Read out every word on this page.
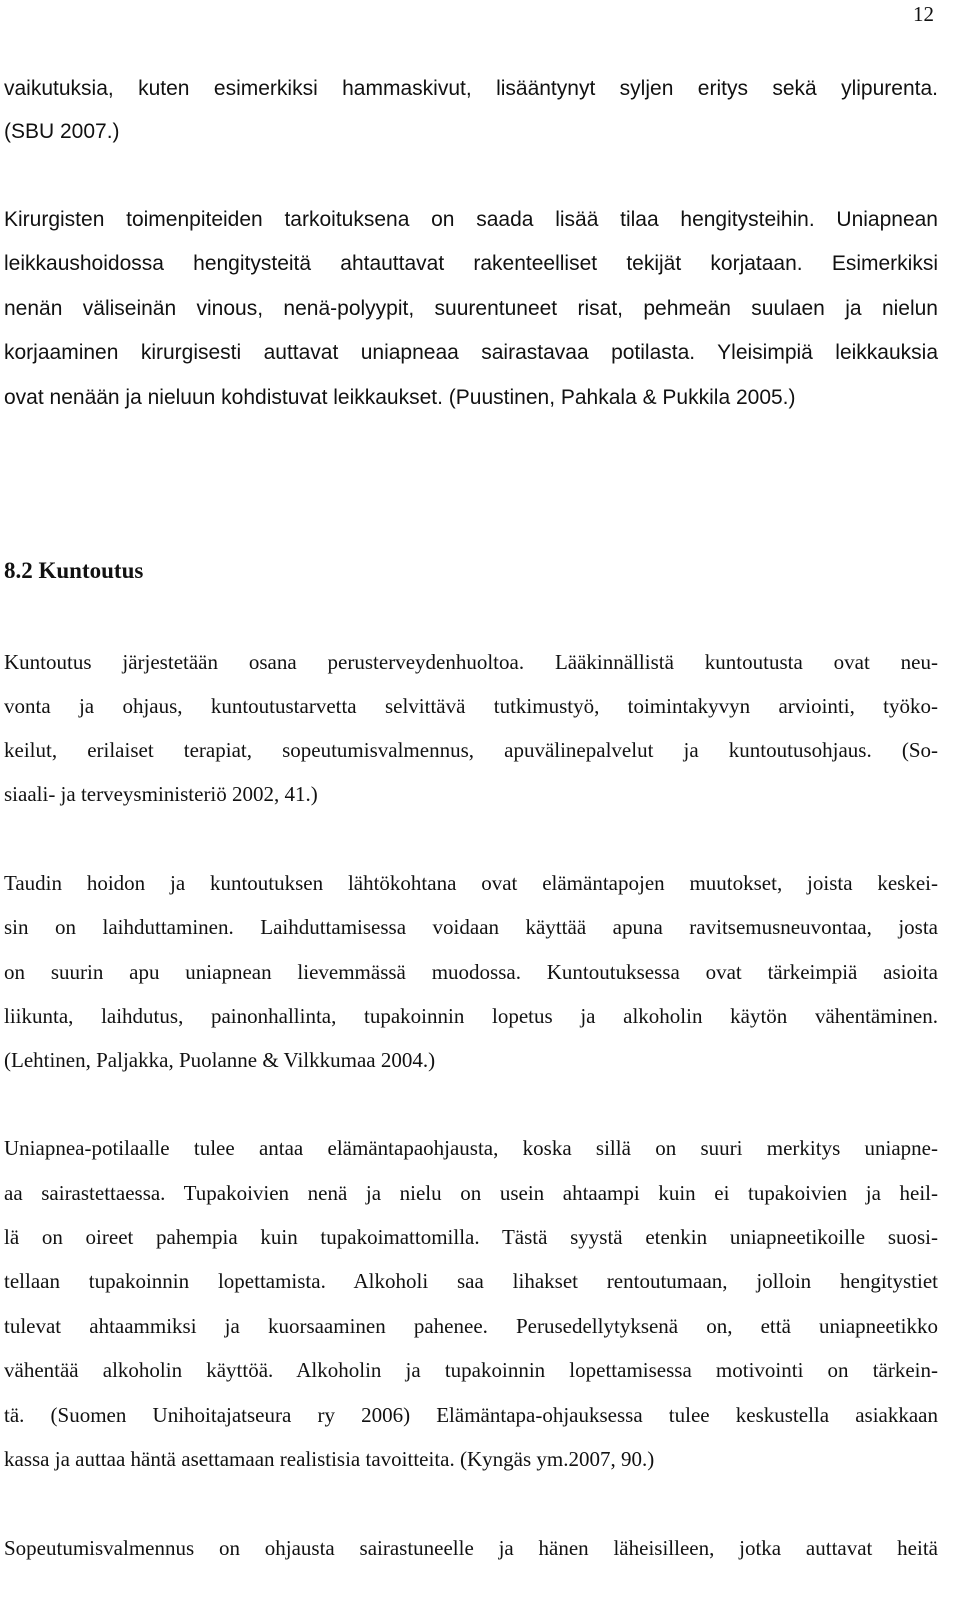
12
vaikutuksia, kuten esimerkiksi hammaskivut, lisääntynyt syljen eritys sekä ylipurenta.
(SBU 2007.)
Kirurgisten toimenpiteiden tarkoituksena on saada lisää tilaa hengitysteihin. Uniapnean
leikkaushoidossa hengitysteitä ahtauttavat rakenteelliset tekijät korjataan. Esimerkiksi
nenän väliseinän vinous, nenä-polyypit, suurentuneet risat, pehmeän suulaen ja nielun
korjaaminen kirurgisesti auttavat uniapneaa sairastavaa potilasta. Yleisimpiä leikkauksia
ovat nenään ja nieluun kohdistuvat leikkaukset. (Puustinen, Pahkala & Pukkila 2005.)
8.2 Kuntoutus
Kuntoutus järjestetään osana perusterveydenhuoltoa. Lääkinnällistä kuntoutusta ovat neu-
vonta ja ohjaus, kuntoutustarvetta selvittävä tutkimustyö, toimintakyvyn arviointi, työko-
keilut, erilaiset terapiat, sopeutumisvalmennus, apuvälinepalvelut ja kuntoutusohjaus. (So-
siaali- ja terveysministeriö 2002, 41.)
Taudin hoidon ja kuntoutuksen lähtökohtana ovat elämäntapojen muutokset, joista keskei-
sin on laihduttaminen. Laihduttamisessa voidaan käyttää apuna ravitsemusneuvontaa, josta
on suurin apu uniapnean lievemmässä muodossa. Kuntoutuksessa ovat tärkeimpiä asioita
liikunta, laihdutus, painonhallinta, tupakoinnin lopetus ja alkoholin käytön vähentäminen.
(Lehtinen, Paljakka, Puolanne & Vilkkumaa 2004.)
Uniapnea-potilaalle tulee antaa elämäntapaohjausta, koska sillä on suuri merkitys uniapne-
aa sairastettaessa. Tupakoivien nenä ja nielu on usein ahtaampi kuin ei tupakoivien ja heil-
lä on oireet pahempia kuin tupakoimattomilla. Tästä syystä etenkin uniapneetikoille suosi-
tellaan tupakoinnin lopettamista. Alkoholi saa lihakset rentoutumaan, jolloin hengitystiet
tulevat ahtaammiksi ja kuorsaaminen pahenee. Perusedellytyksenä on, että uniapneetikko
vähentää alkoholin käyttöä. Alkoholin ja tupakoinnin lopettamisessa motivointi on tärkein-
tä. (Suomen Unihoitajatseura ry 2006) Elämäntapa-ohjauksessa tulee keskustella asiakkaan
kassa ja auttaa häntä asettamaan realistisia tavoitteita. (Kyngäs ym.2007, 90.)
Sopeutumisvalmennus on ohjausta sairastuneelle ja hänen läheisilleen, jotka auttavat heitä
